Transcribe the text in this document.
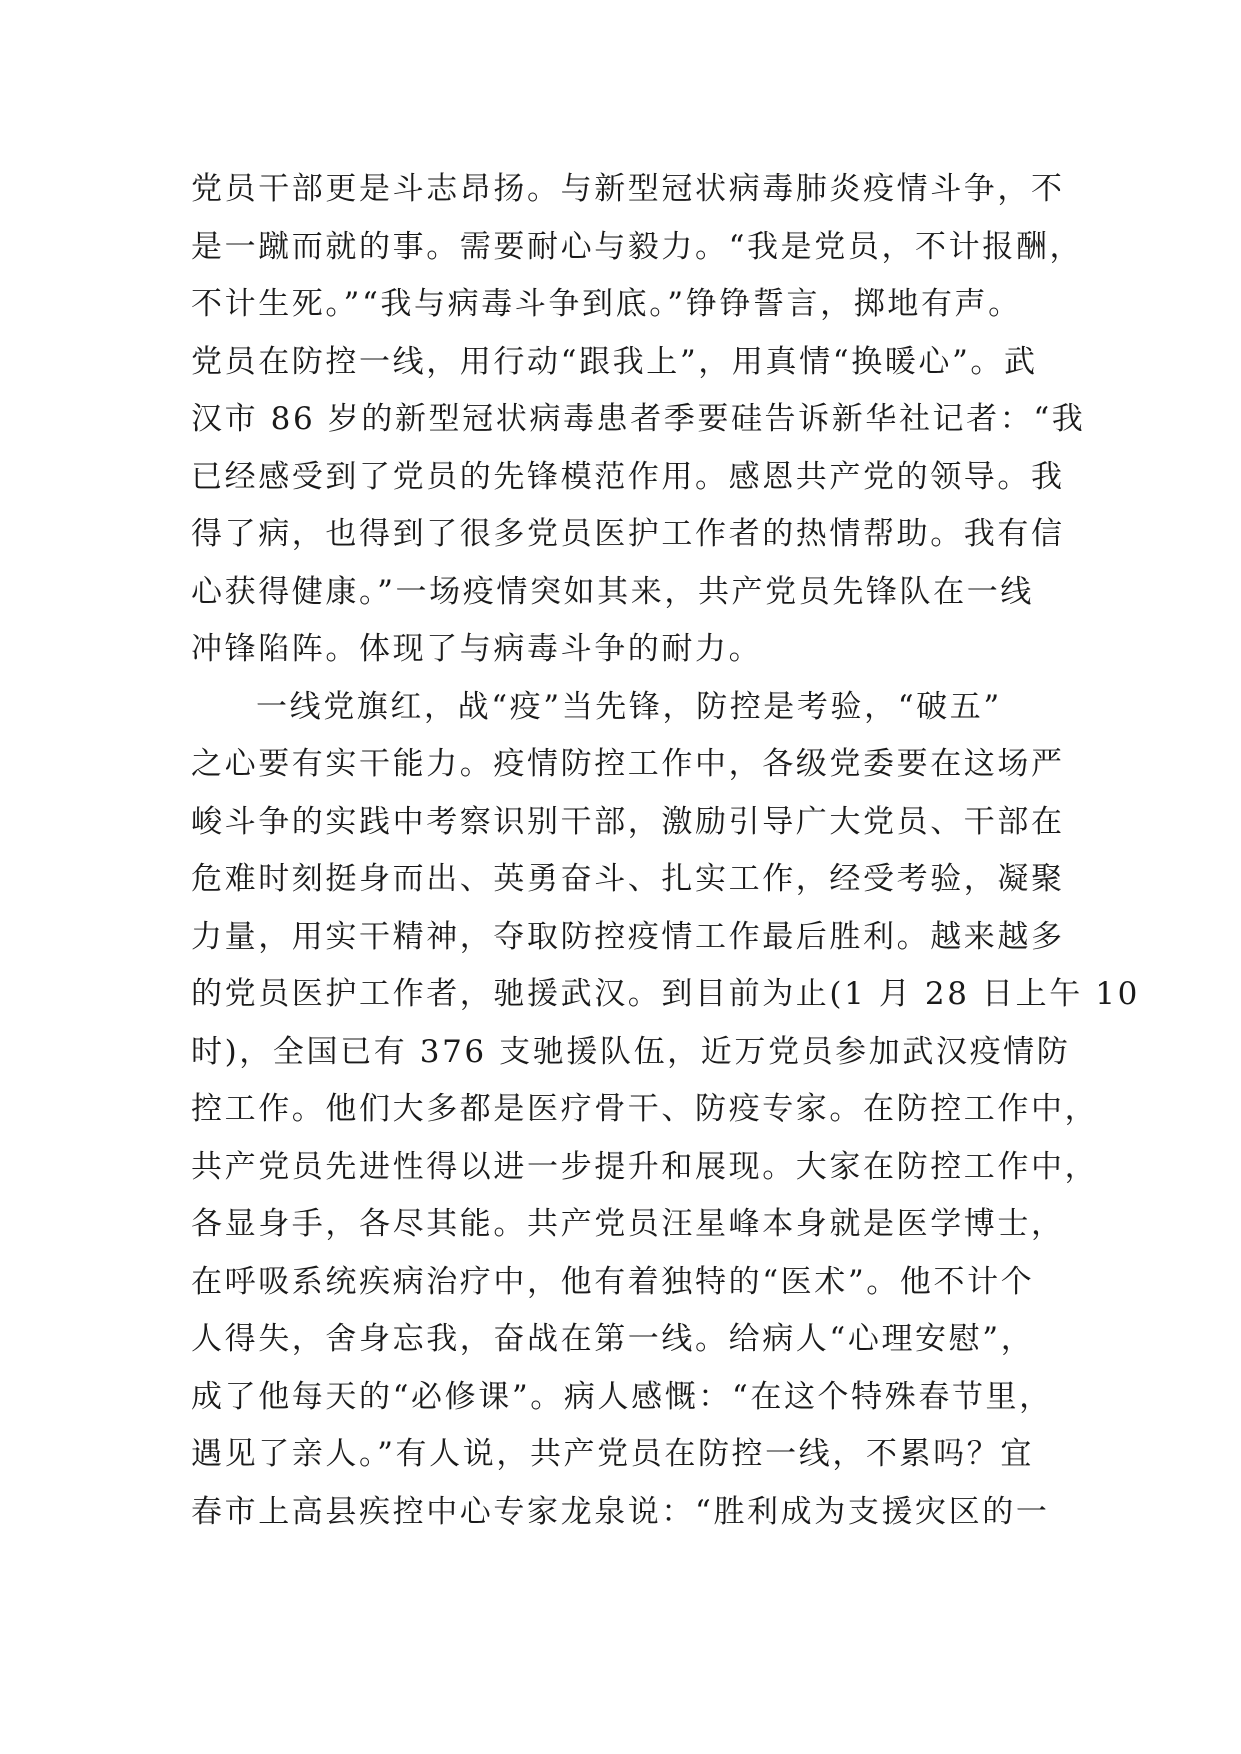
党员干部更是斗志昂扬。与新型冠状病毒肺炎疫情斗争，不
是一蹴而就的事。需要耐心与毅力。“我是党员，不计报酬，
不计生死。”“我与病毒斗争到底。”铮铮誓言，掷地有声。
党员在防控一线，用行动“跟我上”，用真情“换暖心”。武
汉市 86 岁的新型冠状病毒患者季要硅告诉新华社记者：“我
已经感受到了党员的先锋模范作用。感恩共产党的领导。我
得了病，也得到了很多党员医护工作者的热情帮助。我有信
心获得健康。”一场疫情突如其来，共产党员先锋队在一线
冲锋陷阵。体现了与病毒斗争的耐力。
一线党旗红，战“疫”当先锋，防控是考验，“破五”
之心要有实干能力。疫情防控工作中，各级党委要在这场严
峻斗争的实践中考察识别干部，激励引导广大党员、干部在
危难时刻挺身而出、英勇奋斗、扎实工作，经受考验，凝聚
力量，用实干精神，夺取防控疫情工作最后胜利。越来越多
的党员医护工作者，驰援武汉。到目前为止(1 月 28 日上午 10
时)，全国已有 376 支驰援队伍，近万党员参加武汉疫情防
控工作。他们大多都是医疗骨干、防疫专家。在防控工作中，
共产党员先进性得以进一步提升和展现。大家在防控工作中，
各显身手，各尽其能。共产党员汪星峰本身就是医学博士，
在呼吸系统疾病治疗中，他有着独特的“医术”。他不计个
人得失，舍身忘我，奋战在第一线。给病人“心理安慰”，
成了他每天的“必修课”。病人感慨：“在这个特殊春节里，
遇见了亲人。”有人说，共产党员在防控一线，不累吗？宜
春市上高县疾控中心专家龙泉说：“胜利成为支援灾区的一
